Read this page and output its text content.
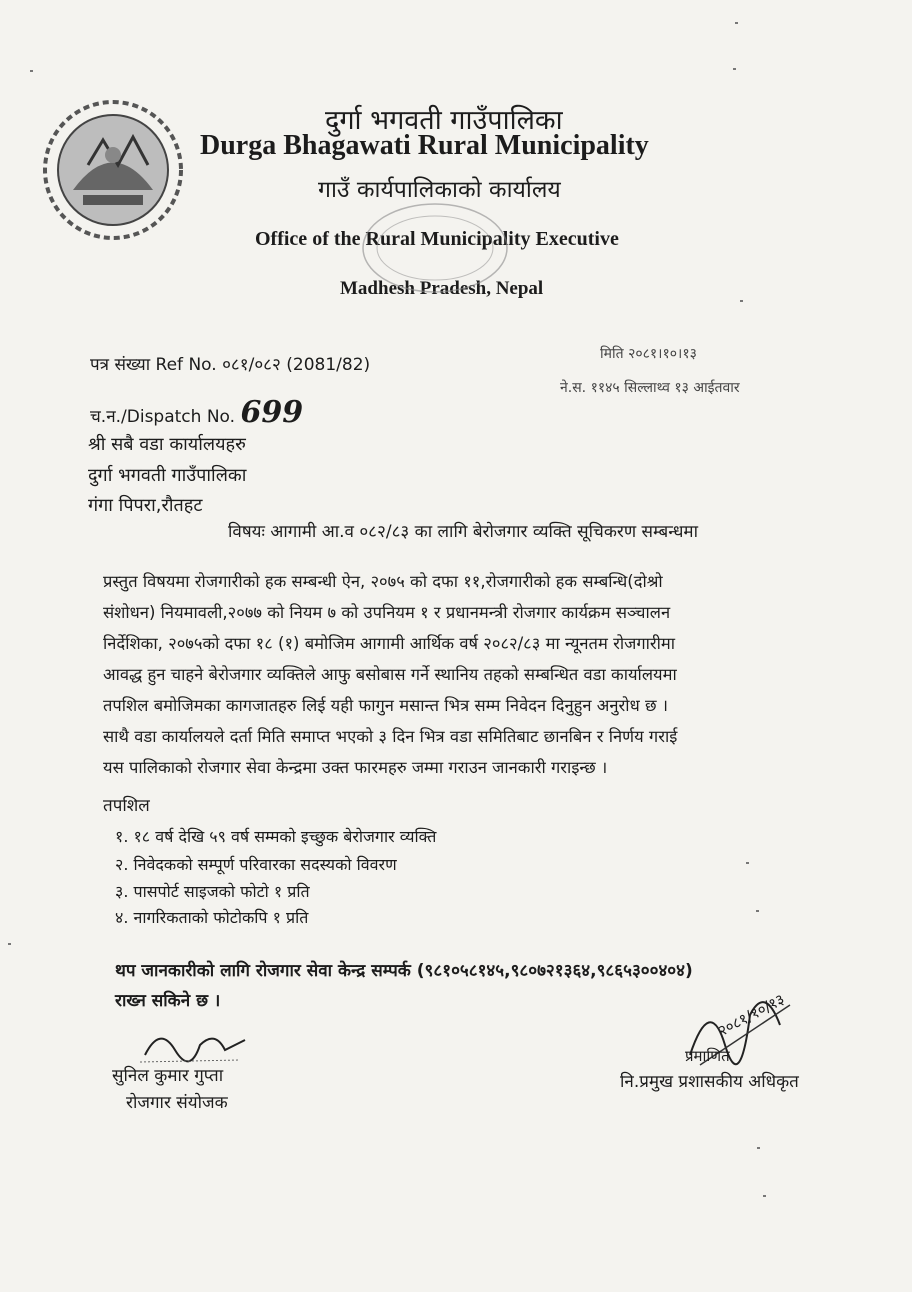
दुर्गा भगवती गाउँपालिका
Durga Bhagawati Rural Municipality
गाउँ कार्यपालिकाको कार्यालय
Office of the Rural Municipality Executive
Madhesh Pradesh, Nepal
पत्र संख्या Ref No. ०८१/०८२ (2081/82)
च.न./Dispatch No. 699
मिति २०८१।१०।१३
ने.स. ११४५ सिल्लाथ्व १३ आईतवार
श्री सबै वडा कार्यालयहरु
दुर्गा भगवती गाउँपालिका
गंगा पिपरा,रौतहट
विषयः आगामी आ.व ०८२/८३ का लागि बेरोजगार व्यक्ति सूचिकरण सम्बन्धमा
प्रस्तुत विषयमा रोजगारीको हक सम्बन्धी ऐन, २०७५ को दफा ११,रोजगारीको हक सम्बन्धि(दोश्रो
संशोधन) नियमावली,२०७७ को नियम ७ को उपनियम १ र प्रधानमन्त्री रोजगार कार्यक्रम सञ्चालन
निर्देशिका, २०७५को दफा १८ (१) बमोजिम आगामी आर्थिक वर्ष २०८२/८३ मा न्यूनतम रोजगारीमा
आवद्ध हुन चाहने बेरोजगार व्यक्तिले आफु बसोबास गर्ने स्थानिय तहको सम्बन्धित वडा कार्यालयमा
तपशिल बमोजिमका कागजातहरु लिई यही फागुन मसान्त भित्र सम्म निवेदन दिनुहुन अनुरोध छ ।
साथै वडा कार्यालयले दर्ता मिति समाप्त भएको ३ दिन भित्र वडा समितिबाट छानबिन र निर्णय गराई
यस पालिकाको रोजगार सेवा केन्द्रमा उक्त फारमहरु जम्मा गराउन जानकारी गराइन्छ ।
तपशिल
१. १८ वर्ष देखि ५९ वर्ष सम्मको इच्छुक बेरोजगार व्यक्ति
२. निवेदकको सम्पूर्ण परिवारका सदस्यको विवरण
३. पासपोर्ट साइजको फोटो १ प्रति
४. नागरिकताको फोटोकपि १ प्रति
थप जानकारीको लागि रोजगार सेवा केन्द्र सम्पर्क (९८१०५८१४५,९८०७२१३६४,९८६५३००४०४)
राख्न सकिने छ ।
सुनिल कुमार गुप्ता
रोजगार संयोजक
प्रमाणित
२०८१/१०/१३
नि.प्रमुख प्रशासकीय अधिकृत
